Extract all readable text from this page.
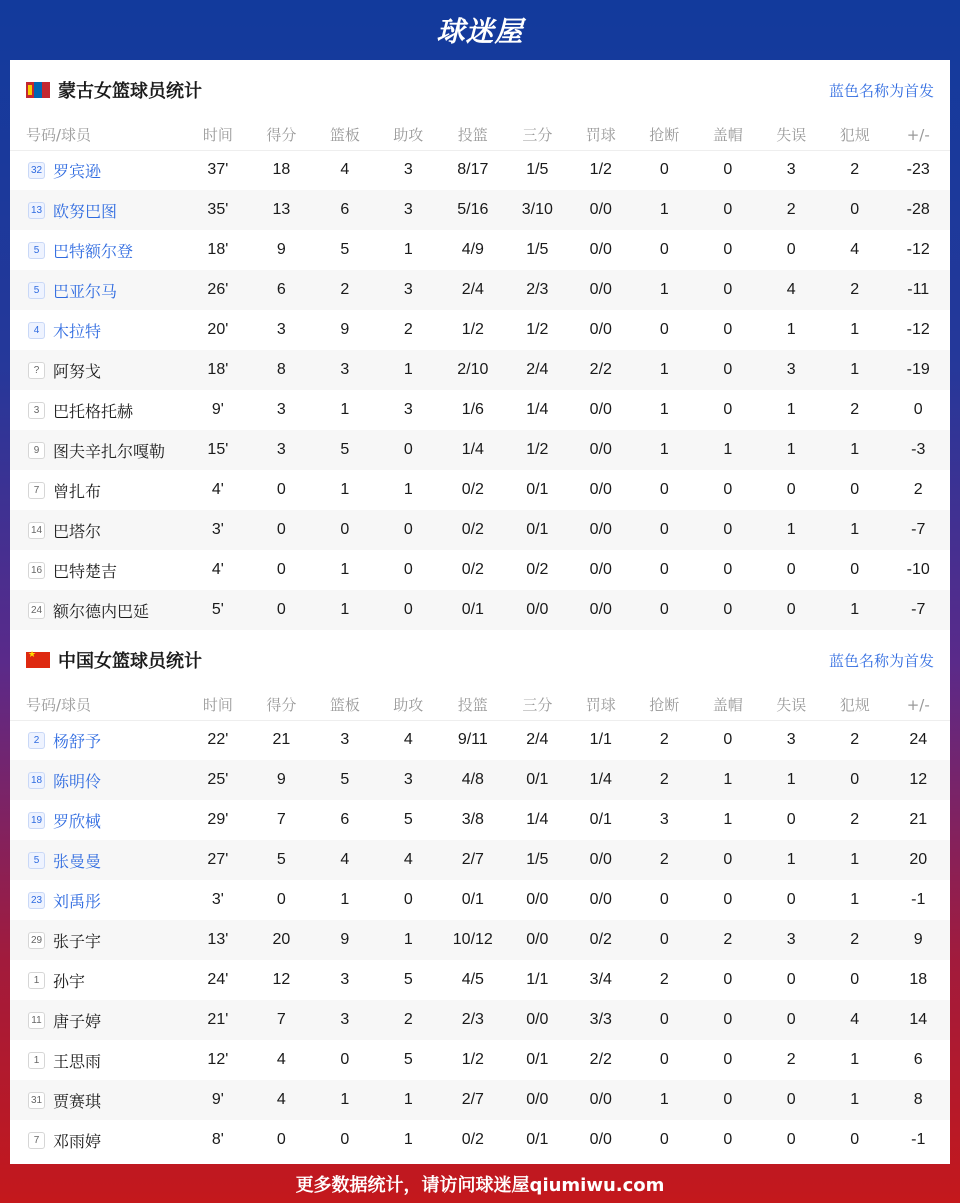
球迷屋
蒙古女篮球员统计	蓝色名称为首发
号码/球员	时间	得分	篮板	助攻	投篮	三分	罚球	抢断	盖帽	失误	犯规	+/-
32 罗宾逊	37'	18	4	3	8/17	1/5	1/2	0	0	3	2	-23
13 欧努巴图	35'	13	6	3	5/16	3/10	0/0	1	0	2	0	-28
5 巴特额尔登	18'	9	5	1	4/9	1/5	0/0	0	0	0	4	-12
5 巴亚尔马	26'	6	2	3	2/4	2/3	0/0	1	0	4	2	-11
4 木拉特	20'	3	9	2	1/2	1/2	0/0	0	0	1	1	-12
? 阿努戈	18'	8	3	1	2/10	2/4	2/2	1	0	3	1	-19
3 巴托格托赫	9'	3	1	3	1/6	1/4	0/0	1	0	1	2	0
9 图夫辛扎尔嘎勒	15'	3	5	0	1/4	1/2	0/0	1	1	1	1	-3
7 曾扎布	4'	0	1	1	0/2	0/1	0/0	0	0	0	0	2
14 巴塔尔	3'	0	0	0	0/2	0/1	0/0	0	0	1	1	-7
16 巴特楚吉	4'	0	1	0	0/2	0/2	0/0	0	0	0	0	-10
24 额尔德内巴延	5'	0	1	0	0/1	0/0	0/0	0	0	0	1	-7
★
中国女篮球员统计	蓝色名称为首发
号码/球员	时间	得分	篮板	助攻	投篮	三分	罚球	抢断	盖帽	失误	犯规	+/-
2 杨舒予	22'	21	3	4	9/11	2/4	1/1	2	0	3	2	24
18 陈明伶	25'	9	5	3	4/8	0/1	1/4	2	1	1	0	12
19 罗欣棫	29'	7	6	5	3/8	1/4	0/1	3	1	0	2	21
5 张曼曼	27'	5	4	4	2/7	1/5	0/0	2	0	1	1	20
23 刘禹彤	3'	0	1	0	0/1	0/0	0/0	0	0	0	1	-1
29 张子宇	13'	20	9	1	10/12	0/0	0/2	0	2	3	2	9
1 孙宇	24'	12	3	5	4/5	1/1	3/4	2	0	0	0	18
11 唐子婷	21'	7	3	2	2/3	0/0	3/3	0	0	0	4	14
1 王思雨	12'	4	0	5	1/2	0/1	2/2	0	0	2	1	6
31 贾赛琪	9'	4	1	1	2/7	0/0	0/0	1	0	0	1	8
7 邓雨婷	8'	0	0	1	0/2	0/1	0/0	0	0	0	0	-1
更多数据统计，请访问球迷屋qiumiwu.com
